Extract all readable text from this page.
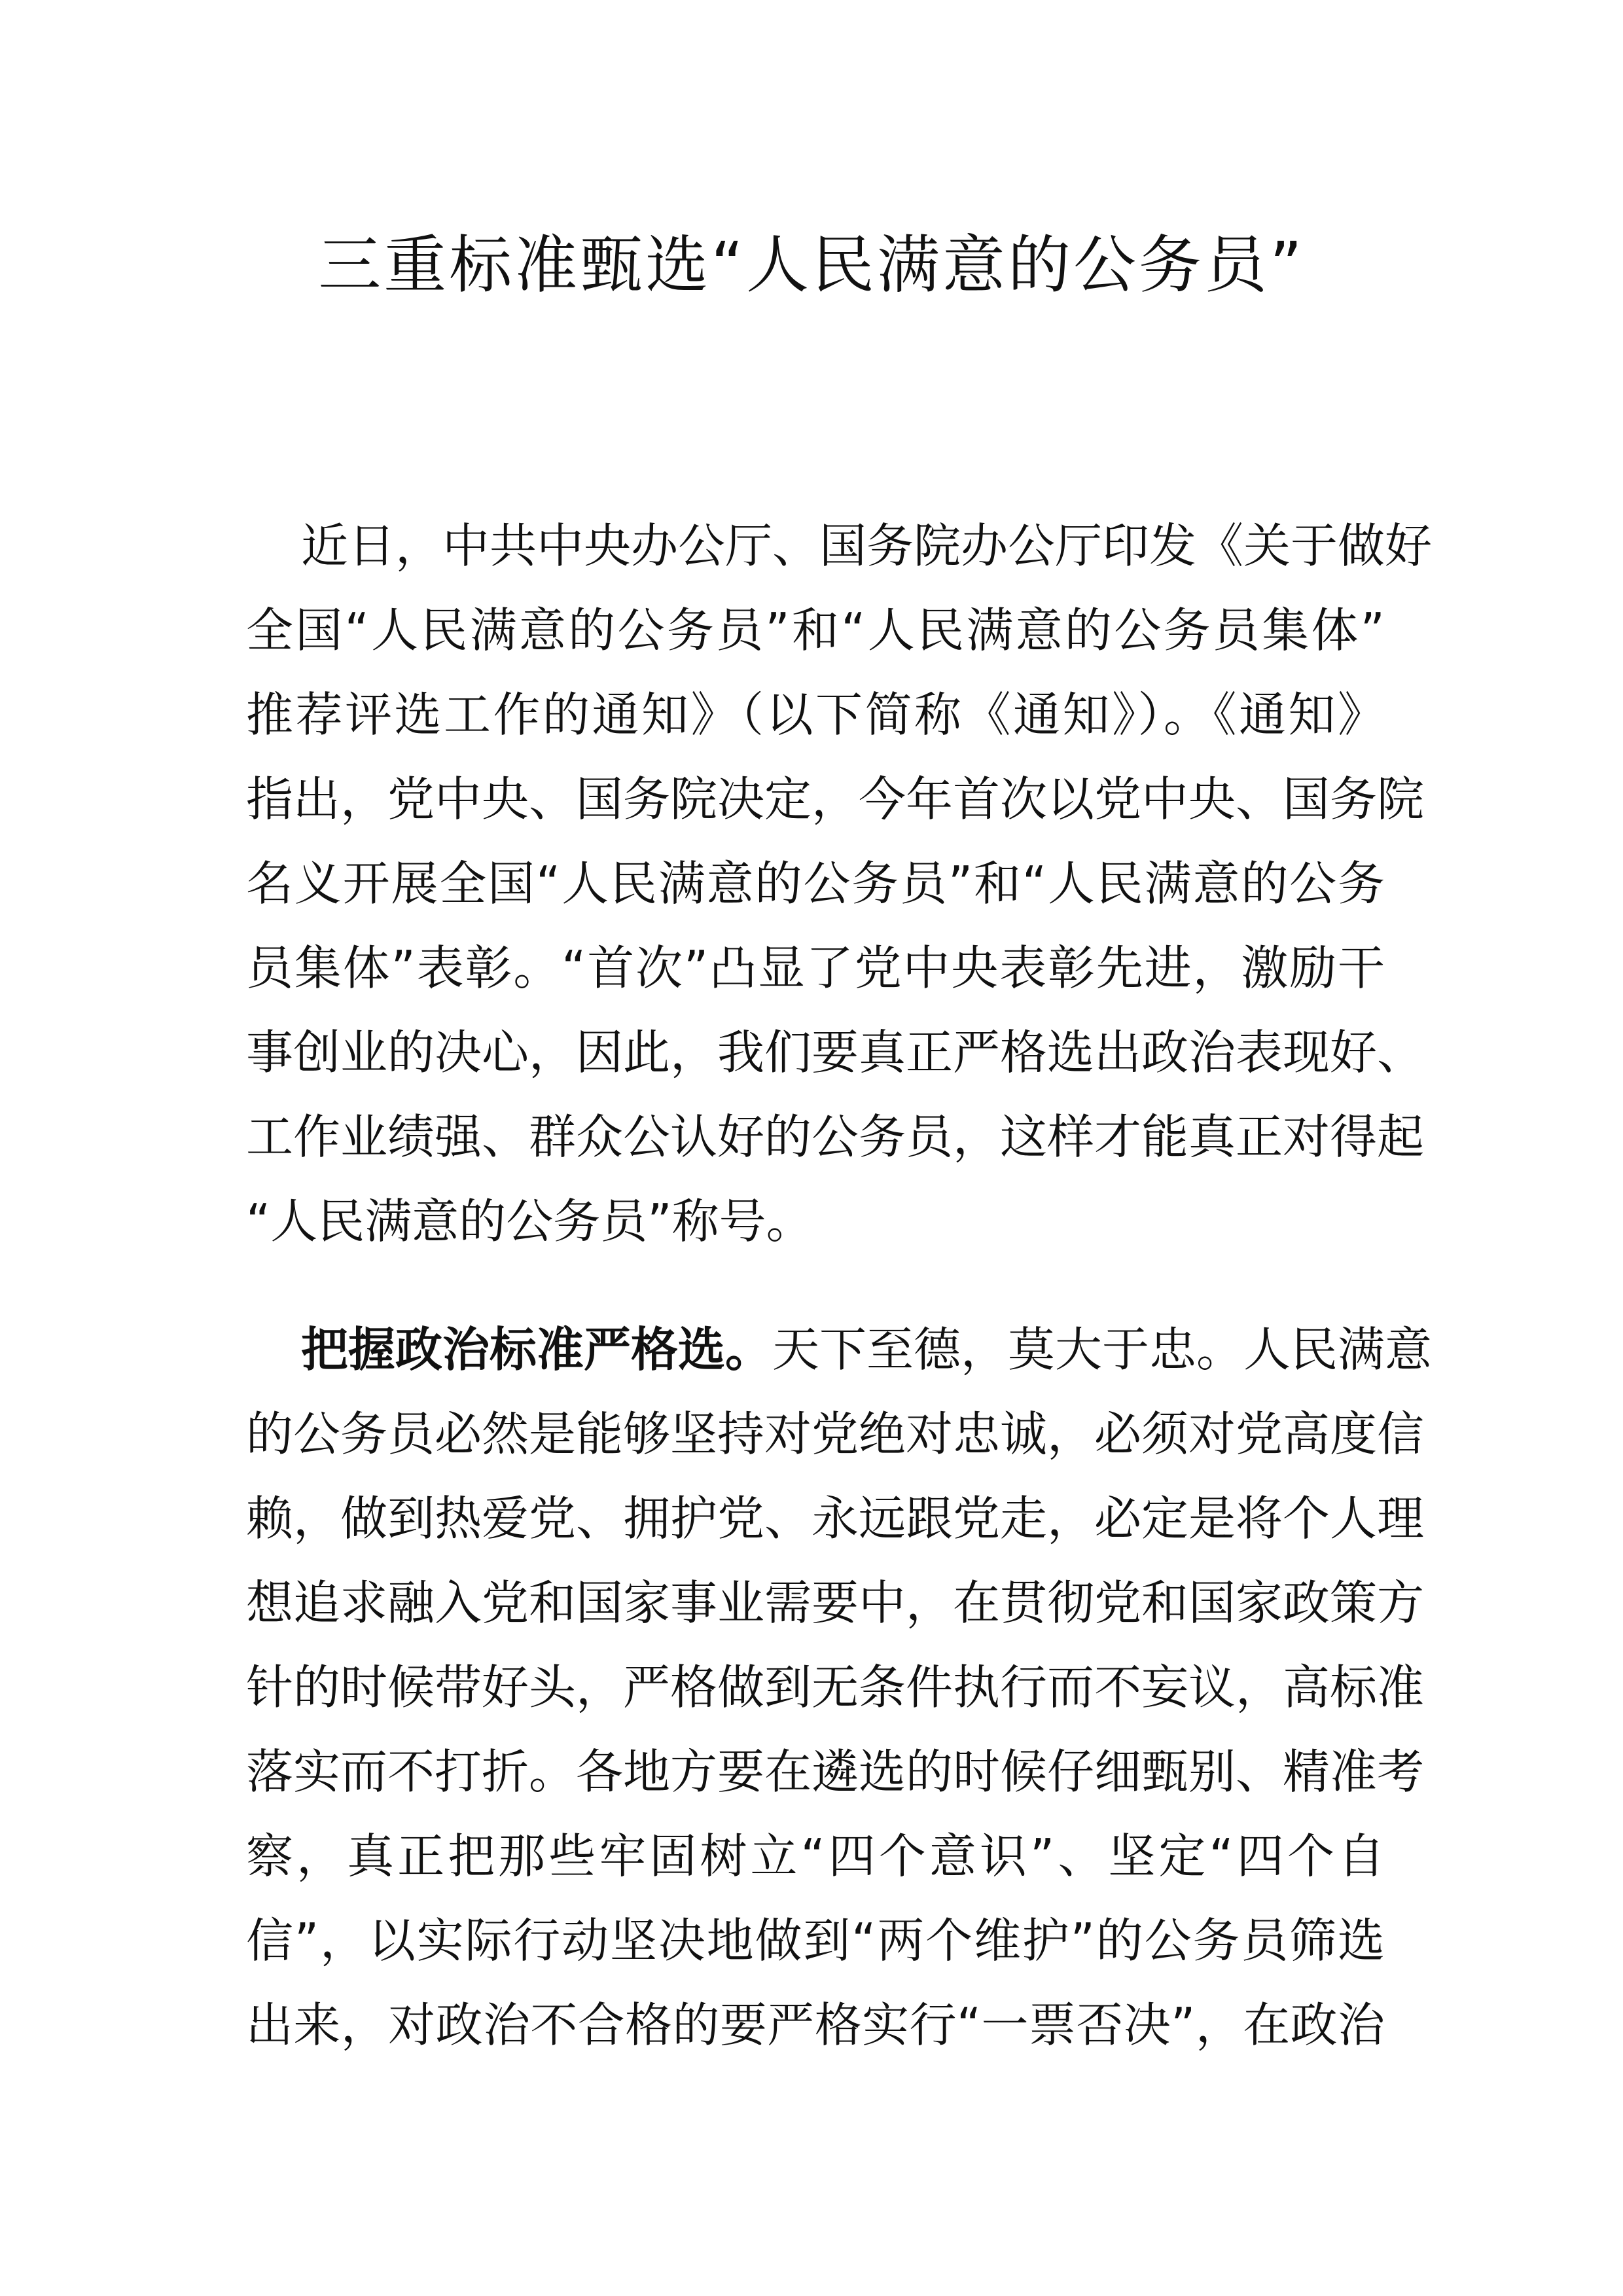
三重标准甄选“人民满意的公务员”
近日，中共中央办公厅、国务院办公厅印发《关于做好
全国“人民满意的公务员”和“人民满意的公务员集体”
推荐评选工作的通知》（以下简称《通知》）。《通知》
指出，党中央、国务院决定，今年首次以党中央、国务院
名义开展全国“人民满意的公务员”和“人民满意的公务
员集体”表彰。“首次”凸显了党中央表彰先进，激励干
事创业的决心，因此，我们要真正严格选出政治表现好、
工作业绩强、群众公认好的公务员，这样才能真正对得起
“人民满意的公务员”称号。
把握政治标准严格选。天下至德，莫大于忠。人民满意
的公务员必然是能够坚持对党绝对忠诚，必须对党高度信
赖，做到热爱党、拥护党、永远跟党走，必定是将个人理
想追求融入党和国家事业需要中，在贯彻党和国家政策方
针的时候带好头，严格做到无条件执行而不妄议，高标准
落实而不打折。各地方要在遴选的时候仔细甄别、精准考
察，真正把那些牢固树立“四个意识”、坚定“四个自
信”，以实际行动坚决地做到“两个维护”的公务员筛选
出来，对政治不合格的要严格实行“一票否决”，在政治
